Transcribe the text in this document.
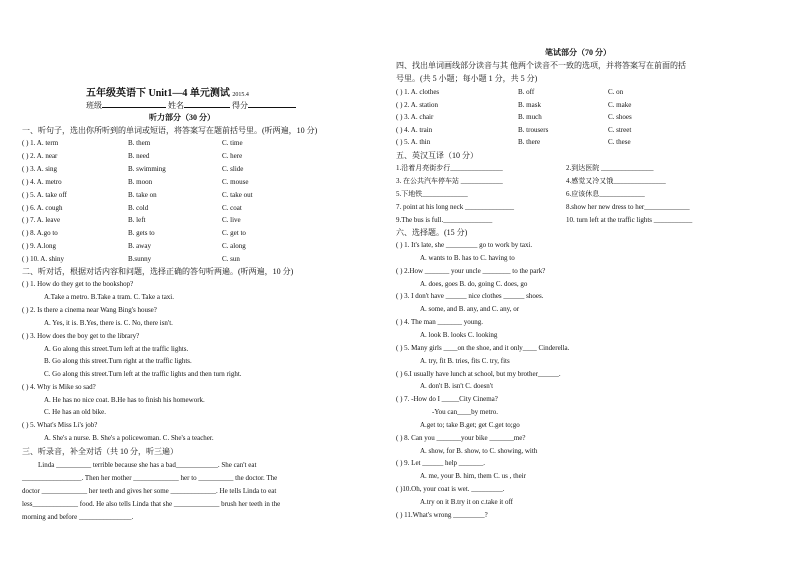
五年级英语下 Unit1—4 单元测试 2015.4
班级	姓名	得分
听力部分（30 分）
一、听句子，选出你所听到的单词或短语，将答案写在题前括号里。(听两遍，10 分)
( ) 1. A. term	B. them	C. time
( ) 2. A. near	B. need	C. here
( ) 3. A. sing	B. swimming	C. slide
( ) 4. A. metro	B. moon	C. mouse
( ) 5. A. take off	B. take on	C. take out
( ) 6. A. cough	B. cold	C. coat
( ) 7. A. leave	B. left	C. live
( ) 8. A.go to	B. gets to	C. get to
( ) 9. A.long	B. away	C. along
( ) 10. A. shiny	B.sunny	C. sun
二、听对话，根据对话内容和问题，选择正确的答句听两遍。(听两遍，10 分)
( ) 1. How do they get to the bookshop?
A.Take a metro. B.Take a tram. C. Take a taxi.
( ) 2. Is there a cinema near Wang Bing's house?
A. Yes, it is. B.Yes, there is. C. No, there isn't.
( ) 3. How does the boy get to the library?
A. Go along this street.Turn left at the traffic lights.
B. Go along this street.Turn right at the traffic lights.
C. Go along this street.Turn left at the traffic lights and then turn right.
( ) 4. Why is Mike so sad?
A. He has no nice coat. B.He has to finish his homework.
C. He has an old bike.
( ) 5. What's Miss Li's job?
A. She's a nurse. B. She's a policewoman. C. She's a teacher.
三、听录音，补全对话（共 10 分，听三遍）
Linda __________ terrible because she has a bad____________. She can't eat
_________________. Then her mother _____________ her to __________ the doctor. The
doctor _____________ her teeth and gives her some _____________. He tells Linda to eat
less_____________ food. He also tells Linda that she _____________ brush her teeth in the
morning and before _______________.
笔试部分（70 分）
四、找出单词画线部分读音与其 他两个读音不一致的选项，并将答案写在前面的括
号里。(共 5 小题；每小题 1 分，共 5 分)
( ) 1. A. clothes	B. off	C. on
( ) 2. A. station	B. mask	C. make
( ) 3. A. chair	B. much	C. shoes
( ) 4. A. train	B. trousers	C. street
( ) 5. A. thin	B. there	C. these
五、英汉互译（10 分）
1.沿着月亮街步行_______________	2.到达医院 _______________
3. 在公共汽车停车站 ____________	4.感觉又冷又饿_______________
5.下地铁_____________	6.应该休息_____________
7. point at his long neck ______________	8.show her new dress to her_____________
9.The bus is full.______________	10. turn left at the traffic lights ___________
六、选择题。(15 分)
( ) 1. It's late, she _________ go to work by taxi.
A. wants to B. has to C. having to
( ) 2.How _______ your uncle ________ to the park?
A. does, goes B. do, going C. does, go
( ) 3. I don't have ______ nice clothes ______ shoes.
A. some, and B. any, and C. any, or
( ) 4. The man _______ young.
A. look B. looks C. looking
( ) 5. Many girls ____on the shoe, and it only____ Cinderella.
A. try, fit B. tries, fits C. try, fits
( ) 6.I usually have lunch at school, but my brother______.
A. don't B. isn't C. doesn't
( ) 7. -How do I _____City Cinema?
-You can____by metro.
A.get to; take B.get; get C.get to;go
( ) 8. Can you _______your bike _______me?
A. show, for B. show, to C. showing, with
( ) 9. Let ______ help _______.
A. me, your B. him, them C. us , their
( )10.Oh, your coat is wet. _________.
A.try on it B.try it on c.take it off
( ) 11.What's wrong _________?
